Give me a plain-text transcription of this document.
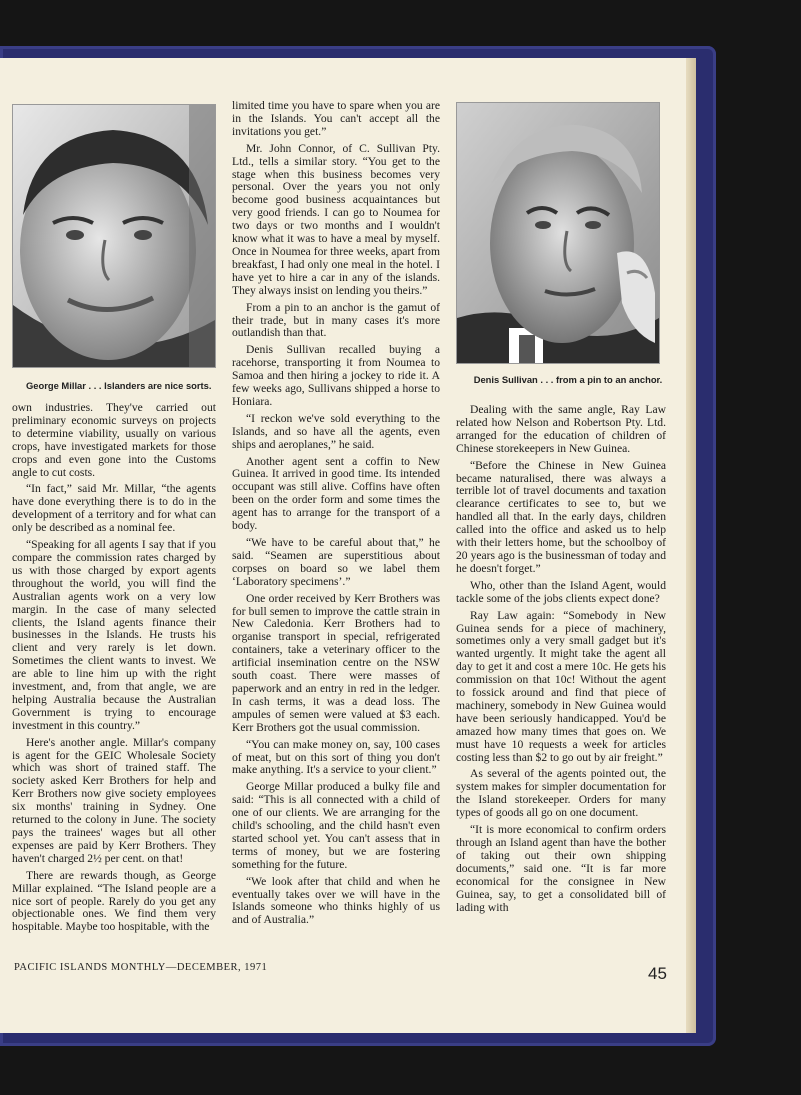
George Millar . . . Islanders are nice sorts.

own industries. They've carried out preliminary economic surveys on projects to determine viability, usually on various crops, have investigated markets for those crops and even gone into the Customs angle to cut costs.

“In fact,” said Mr. Millar, “the agents have done everything there is to do in the development of a territory and for what can only be described as a nominal fee.

“Speaking for all agents I say that if you compare the commission rates charged by us with those charged by export agents throughout the world, you will find the Australian agents work on a very low margin. In the case of many selected clients, the Island agents finance their businesses in the Islands. He trusts his client and very rarely is let down. Sometimes the client wants to invest. We are able to line him up with the right investment, and, from that angle, we are helping Australia because the Australian Government is trying to encourage investment in this country.”

Here's another angle. Millar's company is agent for the GEIC Wholesale Society which was short of trained staff. The society asked Kerr Brothers for help and Kerr Brothers now give society employees six months' training in Sydney. One returned to the colony in June. The society pays the trainees' wages but all other expenses are paid by Kerr Brothers. They haven't charged 2½ per cent. on that!

There are rewards though, as George Millar explained. “The Island people are a nice sort of people. Rarely do you get any objectionable ones. We find them very hospitable. Maybe too hospitable, with the

limited time you have to spare when you are in the Islands. You can't accept all the invitations you get.”

Mr. John Connor, of C. Sullivan Pty. Ltd., tells a similar story. “You get to the stage when this business becomes very personal. Over the years you not only become good business acquaintances but very good friends. I can go to Noumea for two days or two months and I wouldn't know what it was to have a meal by myself. Once in Noumea for three weeks, apart from breakfast, I had only one meal in the hotel. I have yet to hire a car in any of the islands. They always insist on lending you theirs.”

From a pin to an anchor is the gamut of their trade, but in many cases it's more outlandish than that.

Denis Sullivan recalled buying a racehorse, transporting it from Noumea to Samoa and then hiring a jockey to ride it. A few weeks ago, Sullivans shipped a horse to Honiara.

“I reckon we've sold everything to the Islands, and so have all the agents, even ships and aeroplanes,” he said.

Another agent sent a coffin to New Guinea. It arrived in good time. Its intended occupant was still alive. Coffins have often been on the order form and some times the agent has to arrange for the transport of a body.

“We have to be careful about that,” he said. “Seamen are superstitious about corpses on board so we label them ‘Laboratory specimens’.”

One order received by Kerr Brothers was for bull semen to improve the cattle strain in New Caledonia. Kerr Brothers had to organise transport in special, refrigerated containers, take a veterinary officer to the artificial insemination centre on the NSW south coast. There were masses of paperwork and an entry in red in the ledger. In cash terms, it was a dead loss. The ampules of semen were valued at $3 each. Kerr Brothers got the usual commission.

“You can make money on, say, 100 cases of meat, but on this sort of thing you don't make anything. It's a service to your client.”

George Millar produced a bulky file and said: “This is all connected with a child of one of our clients. We are arranging for the child's schooling, and the child hasn't even started school yet. You can't assess that in terms of money, but we are fostering something for the future.

“We look after that child and when he eventually takes over we will have in the Islands someone who thinks highly of us and of Australia.”

Denis Sullivan . . . from a pin to an anchor.

Dealing with the same angle, Ray Law related how Nelson and Robertson Pty. Ltd. arranged for the education of children of Chinese storekeepers in New Guinea.

“Before the Chinese in New Guinea became naturalised, there was always a terrible lot of travel documents and taxation clearance certificates to see to, but we handled all that. In the early days, children called into the office and asked us to help with their letters home, but the schoolboy of 20 years ago is the businessman of today and he doesn't forget.”

Who, other than the Island Agent, would tackle some of the jobs clients expect done?

Ray Law again: “Somebody in New Guinea sends for a piece of machinery, sometimes only a very small gadget but it's wanted urgently. It might take the agent all day to get it and cost a mere 10c. He gets his commission on that 10c! Without the agent to fossick around and find that piece of machinery, somebody in New Guinea would have been seriously handicapped. You'd be amazed how many times that goes on. We must have 10 requests a week for articles costing less than $2 to go out by air freight.”

As several of the agents pointed out, the system makes for simpler documentation for the Island storekeeper. Orders for many types of goods all go on one document.

“It is more economical to confirm orders through an Island agent than have the bother of taking out their own shipping documents,” said one. “It is far more economical for the consignee in New Guinea, say, to get a consolidated bill of lading with

PACIFIC ISLANDS MONTHLY—DECEMBER, 1971	45
